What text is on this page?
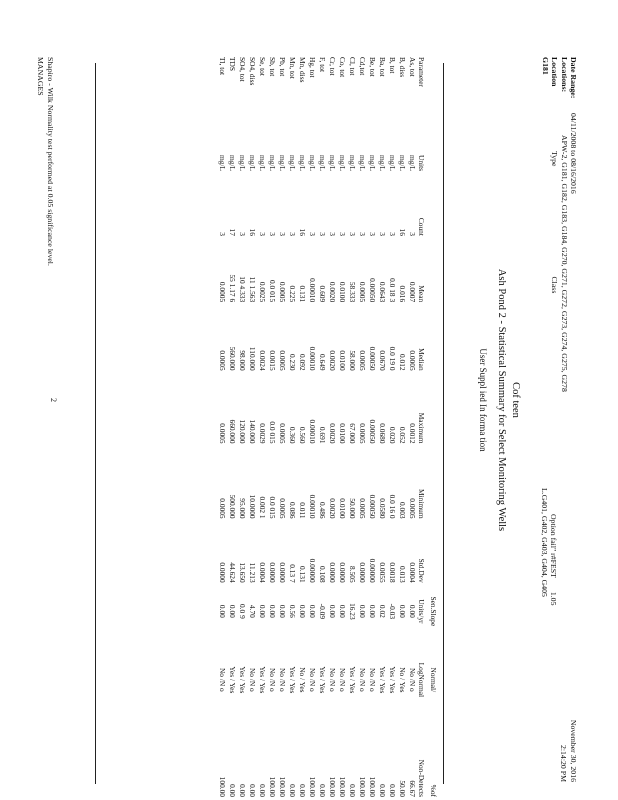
Date Range:04/11/2008 to 08/16/2016
Locations:APW-2, G181, G182, G183, G184, G270, G271, G272, G273, G274, G275, G278
LocationTypeClass
G181
Option fail" r#FEST1.05
L.G401, G402, G403, G404, G405
November 30, 2016
2:14:20 PM
Cof teen
Ash Pond 2 - Statistical Summary for Select Monitoring Wells
User Suppl ied In forma tion
								Sen.Slope	Normal/	%of
Parameter	Units	Count	Mean	Median	Maximum	Minimum	Std.Dev	Units/yr	LogNormal	Non-Detects
As, tot	mg/L	3	0.0007	0.0005	0.0012	0.0005	0.0004	0.00	No /N o	66.67
B, diss	mg/L	16	0.016	0.012	0.052	0.003	0.013	0.00	No / Yes	50.00
B, tot	mg/L	3	0.0 18 3	0.0 19 0	0.020	0.0 16 0	0.0018	-0.03	Yes / Yes	0.00
Ba, tot	mg/L	3	0.0643	0.0670	0.0680	0.0580	0.0055	0.02	Yes / Yes	0.00
Be, tot	mg/L	3	0.00050	0.00050	0.00050	0.00050	0.00000	0.00	No /N o	100.00
Cd,tot	mg/L	3	0.0005	0.0005	0.0005	0.0005	0.0000	0.00	No /N o	100.00
Cl, tot	mg/L	3	58.333	58.000	67.000	50.000	8.505	16.23	Yes / Yes	0.00
Co, tot	mg/L	3	0.0100	0.0100	0.0100	0.0100	0.0000	0.00	No /N o	100.00
Cr, tot	mg/L	3	0.0020	0.0020	0.0020	0.0020	0.0000	0.00	No /N o	100.00
F, tot	mg/L	3	0.609	0.649	0.691	0.486	0.108	-0.09	Yes / Yes	0.00
Hg, tot	mg/L	3	0.00010	0.00010	0.00010	0.00010	0.00000	0.00	No /N o	100.00
Mn, diss	mg/L	16	0.131	0.092	0.560	0.011	0.131	0.00	No / Yes	0.00
Mn, tot	mg/L	3	0.225	0.230	0.360	0.086	0.13 7	0.56	Yes / Yes	0.00
Pb, tot	mg/L	3	0.0005	0.0005	0.0005	0.0005	0.0000	0.00	No /N o	100.00
Sb, tot	mg/L	3	0.0 015	0.0015	0.0 015	0.0 015	0.0000	0.00	No /N o	100.00
Se, tot	mg/L	3	0.0025	0.0024	0.0029	0.002 1	0.0004	0.00	Yes / Yes	0.00
SO4, diss	mg/L	16	11 1.563	110.000	140.000	10.0000	11.213	4.70	No /N o	0.00
SO4, tot	mg/L	3	10 4.333	98.000	120.000	95.000	13.650	0.0 9	Yes / Yes	0.00
TDS	mg/L	17	55 1.17 6	560.000	660.000	500.000	44.624	0.00	Yes / Yes	0.00
Tl, tot	mg/L	3	0.0005	0.0005	0.0005	0.0005	0.0000	0.00	No /N o	100.00
Shapiro - Wilk Normality test performed at 0.05 significance level.
MANAGES
2
